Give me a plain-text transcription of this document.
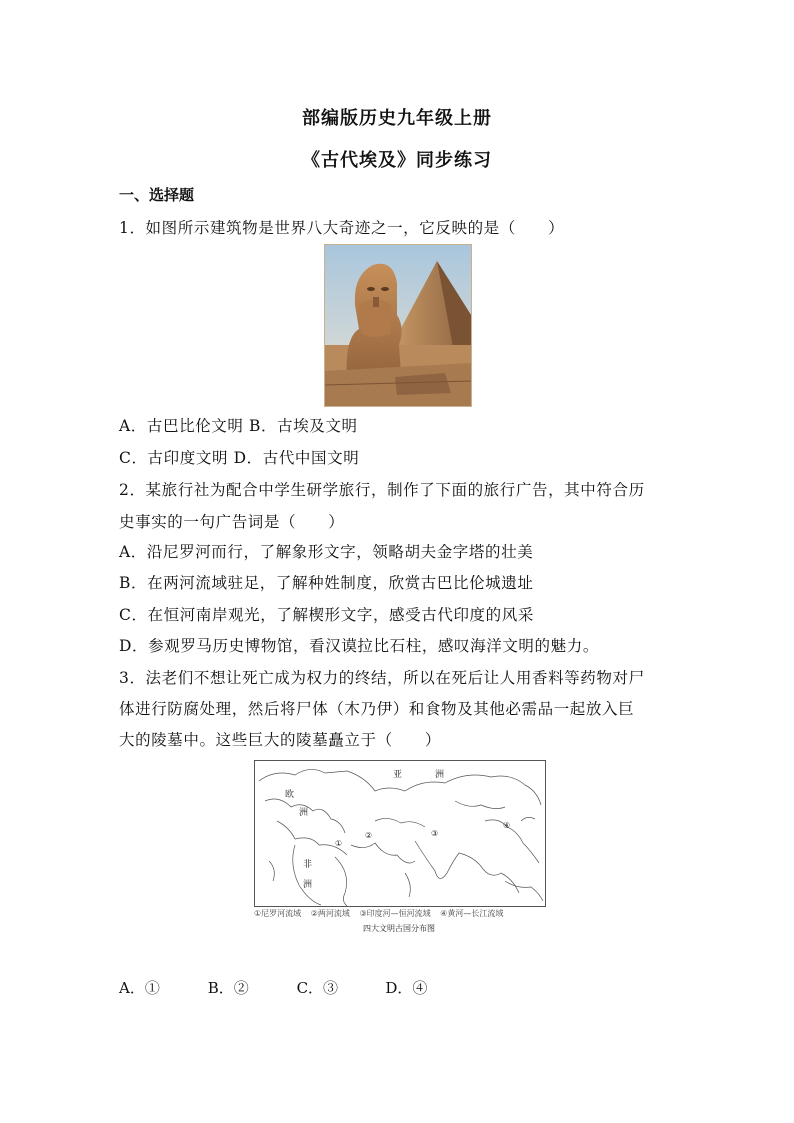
部编版历史九年级上册
《古代埃及》同步练习
一、选择题
1．如图所示建筑物是世界八大奇迹之一，它反映的是（　　）
A．古巴比伦文明 B．古埃及文明
C．古印度文明 D．古代中国文明
2．某旅行社为配合中学生研学旅行，制作了下面的旅行广告，其中符合历
史事实的一句广告词是（　　）
A．沿尼罗河而行，了解象形文字，领略胡夫金字塔的壮美
B．在两河流域驻足，了解种姓制度，欣赏古巴比伦城遗址
C．在恒河南岸观光，了解楔形文字，感受古代印度的风采
D．参观罗马历史博物馆，看汉谟拉比石柱，感叹海洋文明的魅力。
3．法老们不想让死亡成为权力的终结，所以在死后让人用香料等药物对尸
体进行防腐处理，然后将尸体（木乃伊）和食物及其他必需品一起放入巨
大的陵墓中。这些巨大的陵墓矗立于（　　）
亚	洲
欧
洲
非
洲
①
②	③
④
①尼罗河流域 ②两河流域 ③印度河—恒河流域 ④黄河—长江流域
四大文明古国分布图
A．①	B．②	C．③	D．④
